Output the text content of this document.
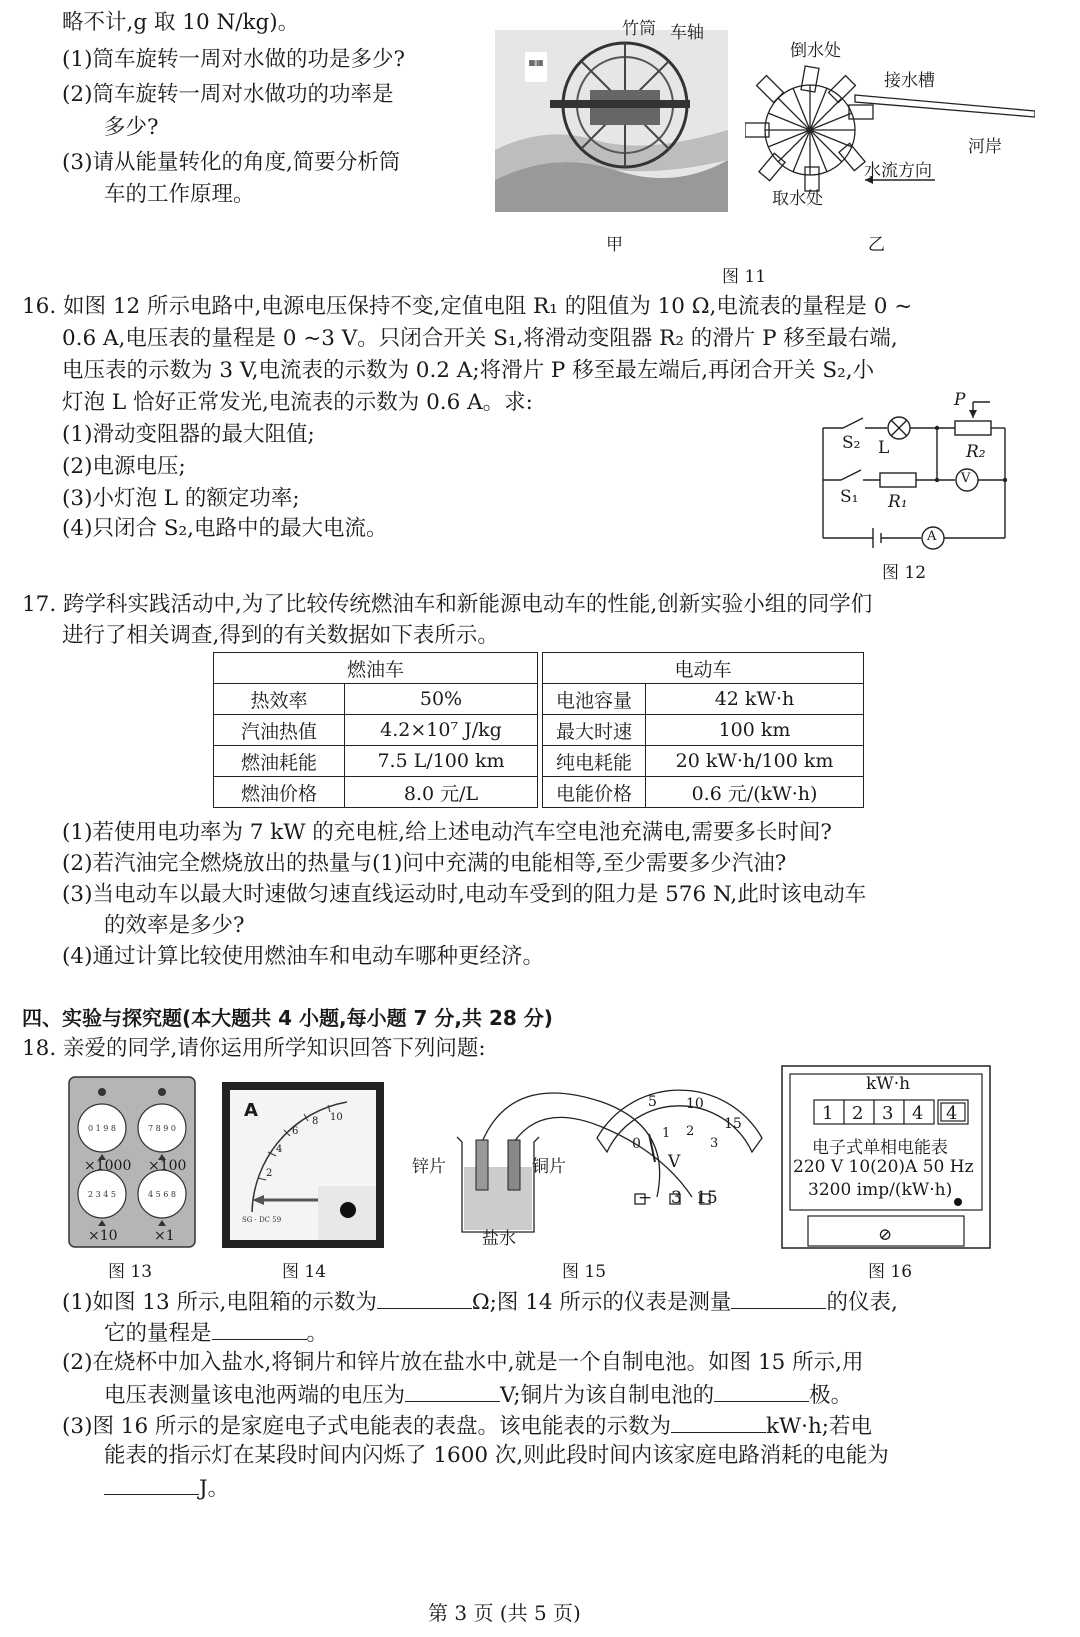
略不计,g 取 10 N/kg)。
(1)筒车旋转一周对水做的功是多少?
(2)筒车旋转一周对水做功的功率是
多少?
(3)请从能量转化的角度,简要分析筒
车的工作原理。
▦▦
竹筒 车轴
倒水处
接水槽
河岸
水流方向
取水处
甲	乙
图 11
16. 如图 12 所示电路中,电源电压保持不变,定值电阻 R₁ 的阻值为 10 Ω,电流表的量程是 0 ~
0.6 A,电压表的量程是 0 ~3 V。只闭合开关 S₁,将滑动变阻器 R₂ 的滑片 P 移至最右端,
电压表的示数为 3 V,电流表的示数为 0.2 A;将滑片 P 移至最左端后,再闭合开关 S₂,小
灯泡 L 恰好正常发光,电流表的示数为 0.6 A。求:
(1)滑动变阻器的最大阻值;
(2)电源电压;
(3)小灯泡 L 的额定功率;
(4)只闭合 S₂,电路中的最大电流。
P
S₂ L	R₂
V
S₁ R₁
A
图 12
17. 跨学科实践活动中,为了比较传统燃油车和新能源电动车的性能,创新实验小组的同学们
进行了相关调查,得到的有关数据如下表所示。
燃油车			电动车	
热效率	50%		电池容量	42 kW·h
汽油热值	4.2×10⁷ J/kg		最大时速	100 km
燃油耗能	7.5 L/100 km		纯电耗能	20 kW·h/100 km
燃油价格	8.0 元/L		电能价格	0.6 元/(kW·h)
(1)若使用电功率为 7 kW 的充电桩,给上述电动汽车空电池充满电,需要多长时间?
(2)若汽油完全燃烧放出的热量与(1)问中充满的电能相等,至少需要多少汽油?
(3)当电动车以最大时速做匀速直线运动时,电动车受到的阻力是 576 N,此时该电动车
的效率是多少?
(4)通过计算比较使用燃油车和电动车哪种更经济。
四、实验与探究题(本大题共 4 小题,每小题 7 分,共 28 分)
18. 亲爱的同学,请你运用所学知识回答下列问题:
0 1 9 8	7 8 9 0
2 3 4 5	4 5 6 8
×1000 ×100
×10	×1
图 13
SG · DC 59
A
2
4
6
8 10
图 14
锌片	铜片
盐水
0
5 10
15
1 2
3
V
− 3 15
图 15
kW·h
1 2 3 4 4
电子式单相电能表
220 V 10(20)A 50 Hz
3200 imp/(kW·h)
⊘
图 16
(1)如图 13 所示,电阻箱的示数为	Ω;图 14 所示的仪表是测量	的仪表,
它的量程是	。
(2)在烧杯中加入盐水,将铜片和锌片放在盐水中,就是一个自制电池。如图 15 所示,用
电压表测量该电池两端的电压为	V;铜片为该自制电池的	极。
(3)图 16 所示的是家庭电子式电能表的表盘。该电能表的示数为	kW·h;若电
能表的指示灯在某段时间内闪烁了 1600 次,则此段时间内该家庭电路消耗的电能为
J。
第 3 页 (共 5 页)
